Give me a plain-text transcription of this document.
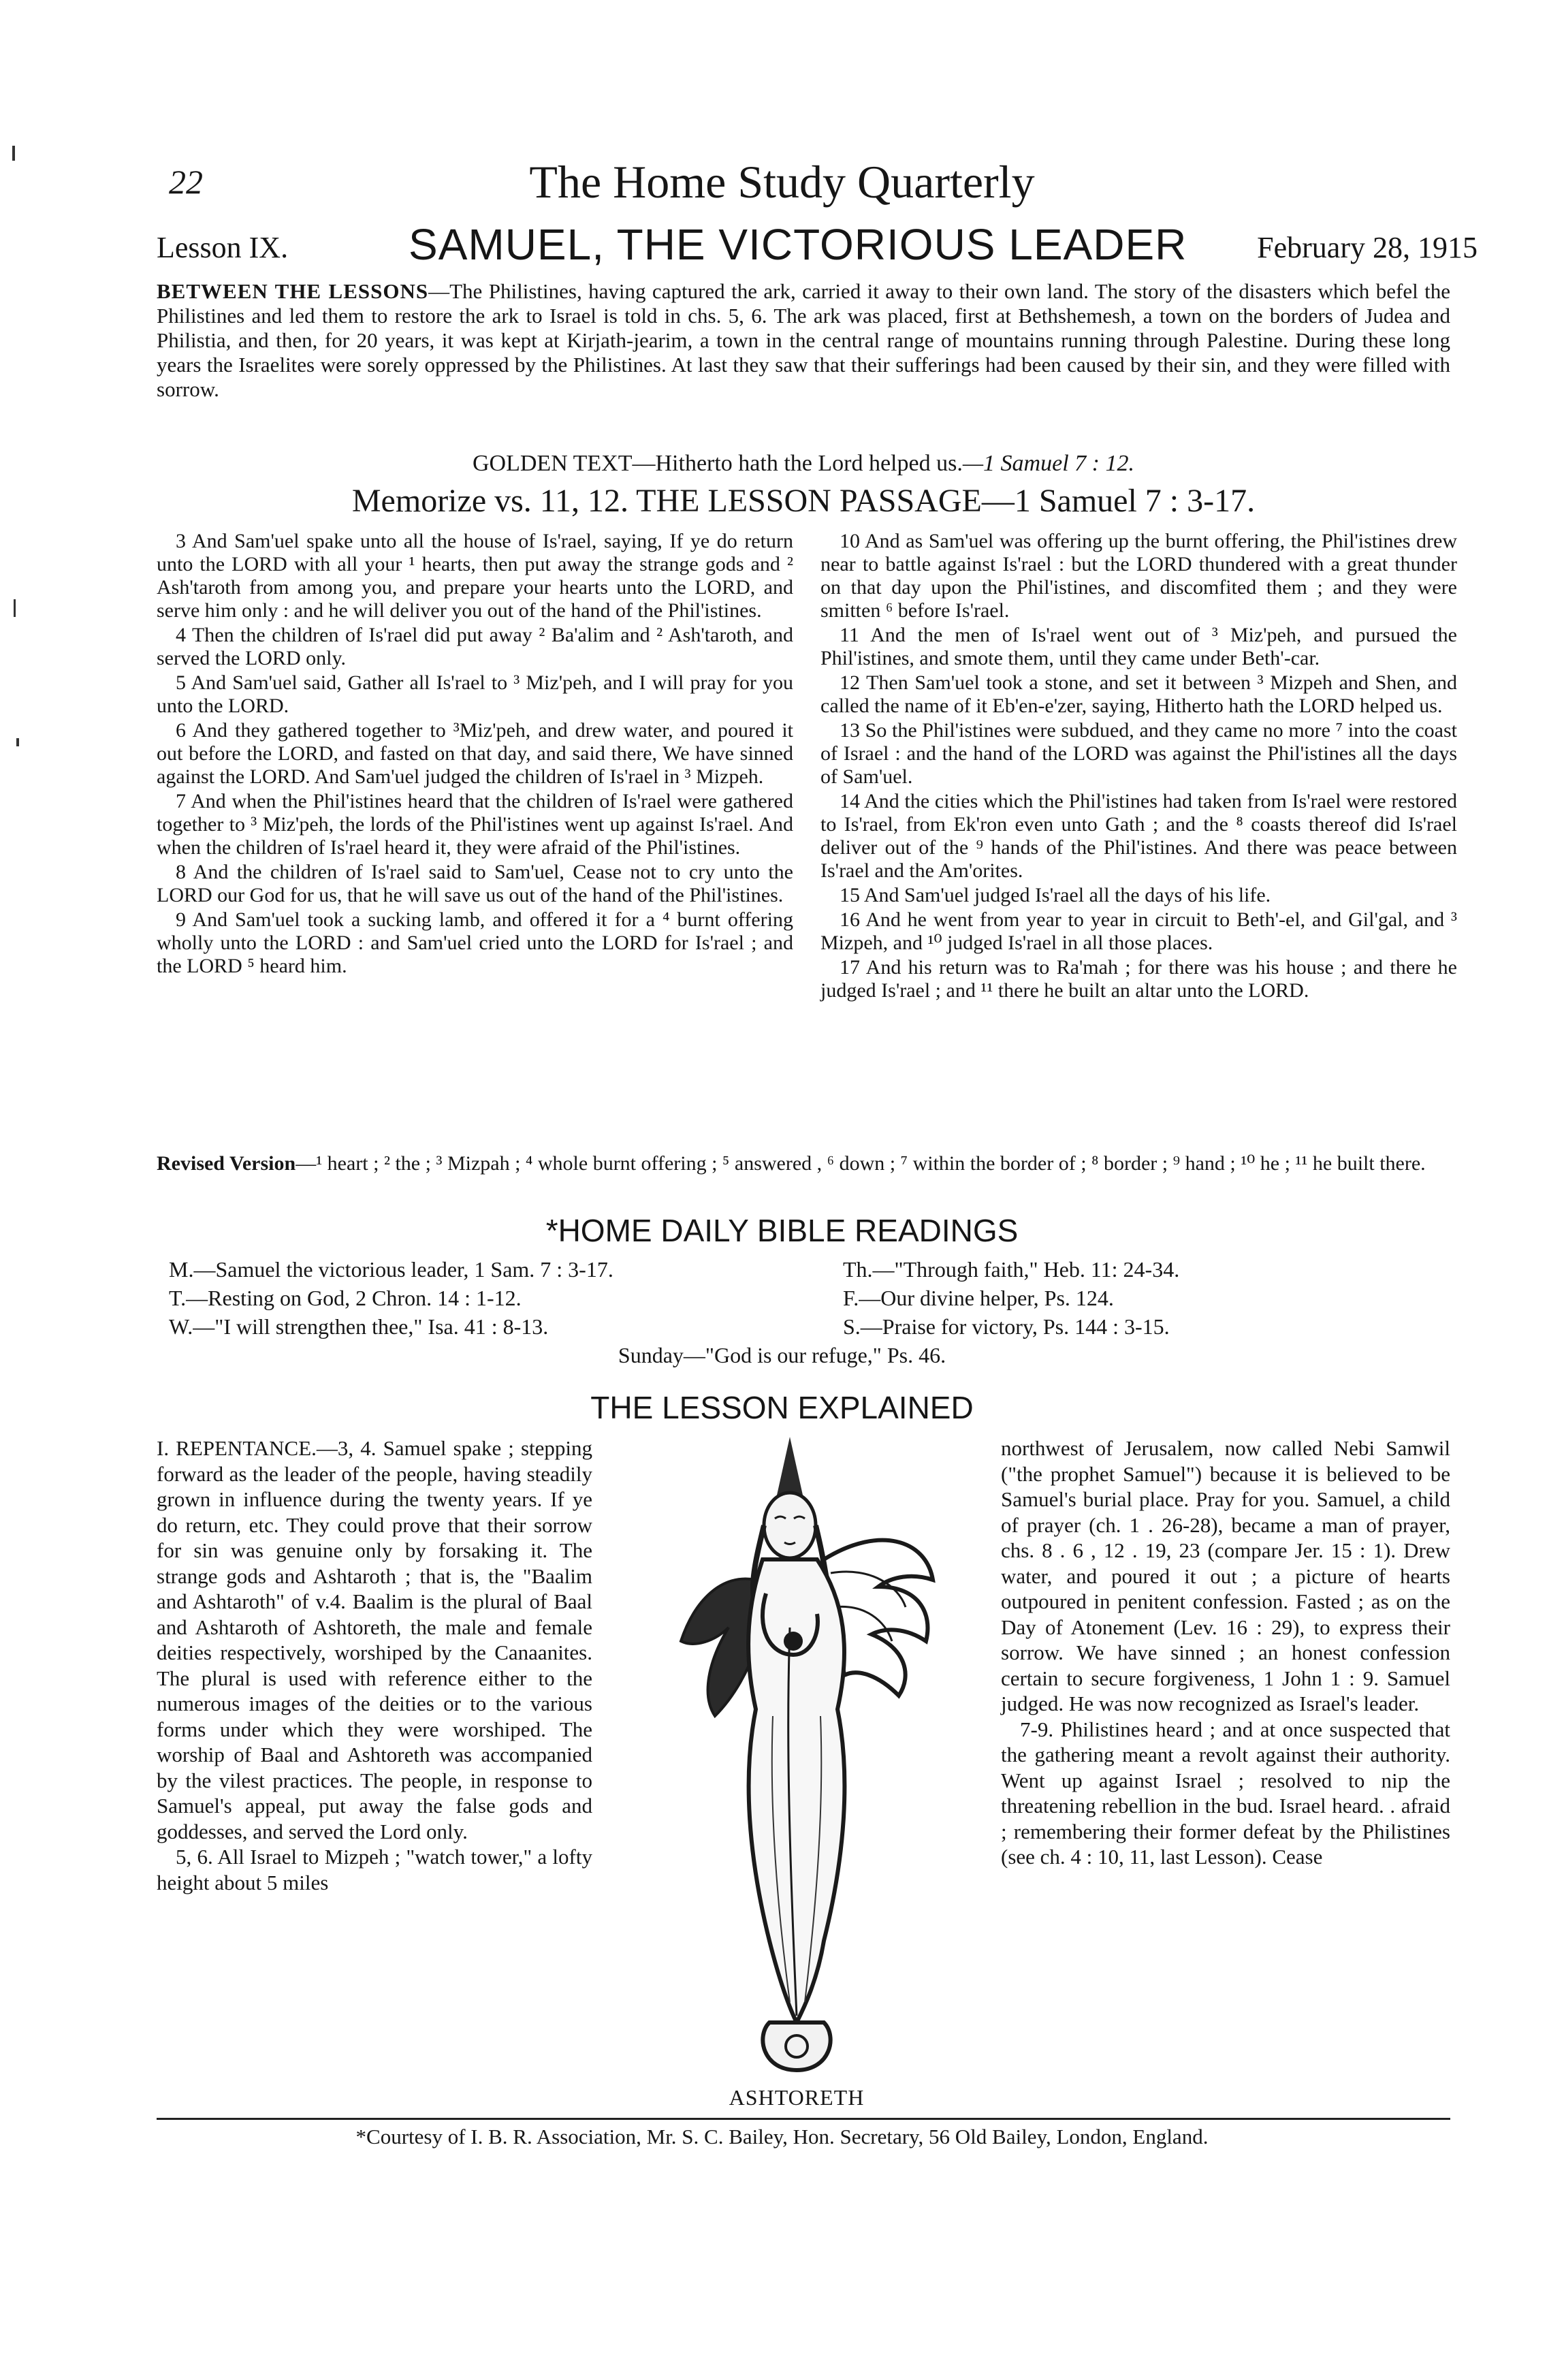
22	The Home Study Quarterly
Lesson IX.	SAMUEL, THE VICTORIOUS LEADER	February 28, 1915
BETWEEN THE LESSONS—The Philistines, having captured the ark, carried it away to their own land. The story of the disasters which befel the Philistines and led them to restore the ark to Israel is told in chs. 5, 6. The ark was placed, first at Bethshemesh, a town on the borders of Judea and Philistia, and then, for 20 years, it was kept at Kirjath-jearim, a town in the central range of mountains running through Palestine. During these long years the Israelites were sorely oppressed by the Philistines. At last they saw that their sufferings had been caused by their sin, and they were filled with sorrow.
GOLDEN TEXT—Hitherto hath the Lord helped us.—1 Samuel 7 : 12.
Memorize vs. 11, 12. THE LESSON PASSAGE—1 Samuel 7 : 3-17.

3 And Sam'uel spake unto all the house of Is'rael, saying, If ye do return unto the LORD with all your ¹ hearts, then put away the strange gods and ² Ash'taroth from among you, and prepare your hearts unto the LORD, and serve him only : and he will deliver you out of the hand of the Phil'istines.

4 Then the children of Is'rael did put away ² Ba'alim and ² Ash'taroth, and served the LORD only.

5 And Sam'uel said, Gather all Is'rael to ³ Miz'peh, and I will pray for you unto the LORD.

6 And they gathered together to ³Miz'peh, and drew water, and poured it out before the LORD, and fasted on that day, and said there, We have sinned against the LORD. And Sam'uel judged the children of Is'rael in ³ Mizpeh.

7 And when the Phil'istines heard that the children of Is'rael were gathered together to ³ Miz'peh, the lords of the Phil'istines went up against Is'rael. And when the children of Is'rael heard it, they were afraid of the Phil'istines.

8 And the children of Is'rael said to Sam'uel, Cease not to cry unto the LORD our God for us, that he will save us out of the hand of the Phil'istines.

9 And Sam'uel took a sucking lamb, and offered it for a ⁴ burnt offering wholly unto the LORD : and Sam'uel cried unto the LORD for Is'rael ; and the LORD ⁵ heard him.

10 And as Sam'uel was offering up the burnt offering, the Phil'istines drew near to battle against Is'rael : but the LORD thundered with a great thunder on that day upon the Phil'istines, and discomfited them ; and they were smitten ⁶ before Is'rael.

11 And the men of Is'rael went out of ³ Miz'peh, and pursued the Phil'istines, and smote them, until they came under Beth'-car.

12 Then Sam'uel took a stone, and set it between ³ Mizpeh and Shen, and called the name of it Eb'en-e'zer, saying, Hitherto hath the LORD helped us.

13 So the Phil'istines were subdued, and they came no more ⁷ into the coast of Israel : and the hand of the LORD was against the Phil'istines all the days of Sam'uel.

14 And the cities which the Phil'istines had taken from Is'rael were restored to Is'rael, from Ek'ron even unto Gath ; and the ⁸ coasts thereof did Is'rael deliver out of the ⁹ hands of the Phil'istines. And there was peace between Is'rael and the Am'orites.

15 And Sam'uel judged Is'rael all the days of his life.

16 And he went from year to year in circuit to Beth'-el, and Gil'gal, and ³ Mizpeh, and ¹⁰ judged Is'rael in all those places.

17 And his return was to Ra'mah ; for there was his house ; and there he judged Is'rael ; and ¹¹ there he built an altar unto the LORD.

Revised Version—¹ heart ; ² the ; ³ Mizpah ; ⁴ whole burnt offering ; ⁵ answered , ⁶ down ; ⁷ within the border of ; ⁸ border ; ⁹ hand ; ¹⁰ he ; ¹¹ he built there.
*HOME DAILY BIBLE READINGS
M.—Samuel the victorious leader, 1 Sam. 7 : 3-17.	Th.—"Through faith," Heb. 11: 24-34.
T.—Resting on God, 2 Chron. 14 : 1-12.	F.—Our divine helper, Ps. 124.
W.—"I will strengthen thee," Isa. 41 : 8-13.	S.—Praise for victory, Ps. 144 : 3-15.
Sunday—"God is our refuge," Ps. 46.
THE LESSON EXPLAINED

I. REPENTANCE.—3, 4. Samuel spake ; stepping forward as the leader of the people, having steadily grown in influence during the twenty years. If ye do return, etc. They could prove that their sorrow for sin was genuine only by forsaking it. The strange gods and Ashtaroth ; that is, the "Baalim and Ashtaroth" of v.4. Baalim is the plural of Baal and Ashtaroth of Ashtoreth, the male and female deities respectively, worshiped by the Canaanites. The plural is used with reference either to the numerous images of the deities or to the various forms under which they were worshiped. The worship of Baal and Ashtoreth was accompanied by the vilest practices. The people, in response to Samuel's appeal, put away the false gods and goddesses, and served the Lord only.

5, 6. All Israel to Mizpeh ; "watch tower," a lofty height about 5 miles

northwest of Jerusalem, now called Nebi Samwil ("the prophet Samuel") because it is believed to be Samuel's burial place. Pray for you. Samuel, a child of prayer (ch. 1 . 26-28), became a man of prayer, chs. 8 . 6 , 12 . 19, 23 (compare Jer. 15 : 1). Drew water, and poured it out ; a picture of hearts outpoured in penitent confession. Fasted ; as on the Day of Atonement (Lev. 16 : 29), to express their sorrow. We have sinned ; an honest confession certain to secure forgiveness, 1 John 1 : 9. Samuel judged. He was now recognized as Israel's leader.

7-9. Philistines heard ; and at once suspected that the gathering meant a revolt against their authority. Went up against Israel ; resolved to nip the threatening rebellion in the bud. Israel heard. . afraid ; remembering their former defeat by the Philistines (see ch. 4 : 10, 11, last Lesson). Cease

ASHTORETH
*Courtesy of I. B. R. Association, Mr. S. C. Bailey, Hon. Secretary, 56 Old Bailey, London, England.
